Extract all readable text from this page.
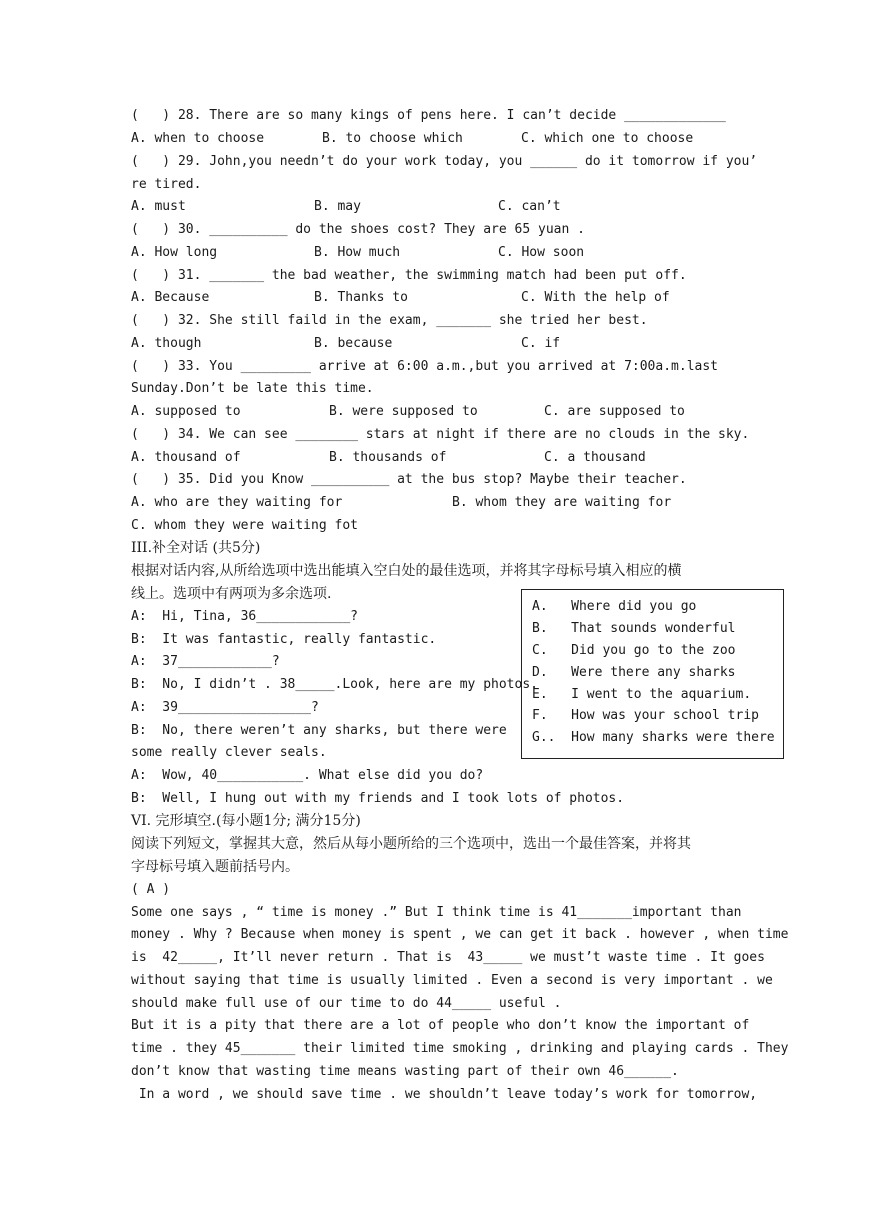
(   ) 28. There are so many kings of pens here. I can’t decide _____________
A. when to choose	B. to choose which	C. which one to choose
(   ) 29. John,you needn’t do your work today, you ______ do it tomorrow if you’
re tired.
A. must	B. may	C. can’t
(   ) 30. __________ do the shoes cost? They are 65 yuan .
A. How long	B. How much	C. How soon
(   ) 31. _______ the bad weather, the swimming match had been put off.
A. Because	B. Thanks to	C. With the help of
(   ) 32. She still faild in the exam, _______ she tried her best.
A. though	B. because	C. if
(   ) 33. You _________ arrive at 6:00 a.m.,but you arrived at 7:00a.m.last
Sunday.Don’t be late this time.
A. supposed to	B. were supposed to	C. are supposed to
(   ) 34. We can see ________ stars at night if there are no clouds in the sky.
A. thousand of	B. thousands of	C. a thousand
(   ) 35. Did you Know __________ at the bus stop? Maybe their teacher.
A. who are they waiting for	B. whom they are waiting for
C. whom they were waiting fot
III.补全对话 (共5分)
根据对话内容,从所给选项中选出能填入空白处的最佳选项，并将其字母标号填入相应的横
线上。选项中有两项为多余选项.
A:  Hi, Tina, 36____________?
B:  It was fantastic, really fantastic.
A:  37____________?
B:  No, I didn’t . 38_____.Look, here are my photos.
A:  39_________________?
B:  No, there weren’t any sharks, but there were
some really clever seals.
A:  Wow, 40___________. What else did you do?
B:  Well, I hung out with my friends and I took lots of photos.
A.   Where did you go
B.   That sounds wonderful
C.   Did you go to the zoo
D.   Were there any sharks
E.   I went to the aquarium.
F.   How was your school trip
G..  How many sharks were there
VI. 完形填空.(每小题1分; 满分15分)
阅读下列短文，掌握其大意，然后从每小题所给的三个选项中，选出一个最佳答案，并将其
字母标号填入题前括号内。
( A )
Some one says , “ time is money .” But I think time is 41_______important than
money . Why ? Because when money is spent , we can get it back . however , when time
is  42_____, It’ll never return . That is  43_____ we must’t waste time . It goes
without saying that time is usually limited . Even a second is very important . we
should make full use of our time to do 44_____ useful .
But it is a pity that there are a lot of people who don’t know the important of
time . they 45_______ their limited time smoking , drinking and playing cards . They
don’t know that wasting time means wasting part of their own 46______.
In a word , we should save time . we shouldn’t leave today’s work for tomorrow,
